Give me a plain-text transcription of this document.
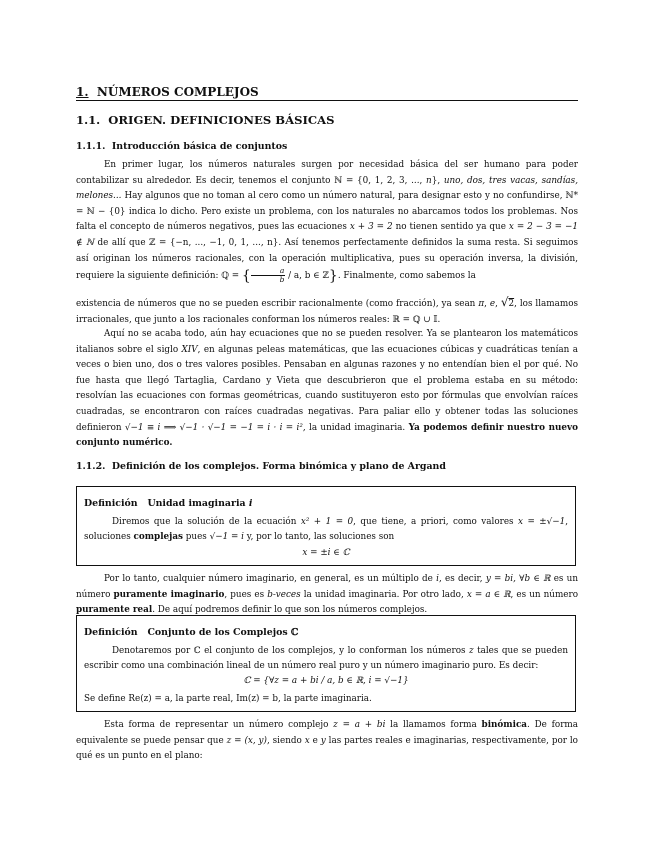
1. NÚMEROS COMPLEJOS
1.1. ORIGEN. DEFINICIONES BÁSICAS
1.1.1. Introducción básica de conjuntos

En primer lugar, los números naturales surgen por necesidad básica del ser humano para poder contabilizar su alrededor. Es decir, tenemos el conjunto ℕ = {0, 1, 2, 3, ..., n}, uno, dos, tres vacas, sandías, melones... Hay algunos que no toman al cero como un número natural, para designar esto y no confundirse, ℕ* = ℕ − {0} indica lo dicho. Pero existe un problema, con los naturales no abarcamos todos los problemas. Nos falta el concepto de números negativos, pues las ecuaciones x + 3 = 2 no tienen sentido ya que x = 2 − 3 = −1 ∉ ℕ de allí que ℤ = {−n, ..., −1, 0, 1, ..., n}. Así tenemos perfectamente definidos la suma resta. Si seguimos así originan los números racionales, con la operación multiplicativa, pues su operación inversa, la división, requiere la siguiente definición: ℚ = { $\frac{a}{b}$ / a, b ∈ ℤ}. Finalmente, como sabemos la

existencia de números que no se pueden escribir racionalmente (como fracción), ya sean π, e, √2, los llamamos irracionales, que junto a los racionales conforman los números reales: ℝ = ℚ ∪ 𝕀.

Aquí no se acaba todo, aún hay ecuaciones que no se pueden resolver. Ya se plantearon los matemáticos italianos sobre el siglo XIV, en algunas peleas matemáticas, que las ecuaciones cúbicas y cuadráticas tenían a veces o bien uno, dos o tres valores posibles. Pensaban en algunas razones y no entendían bien el por qué. No fue hasta que llegó Tartaglia, Cardano y Vieta que descubrieron que el problema estaba en su método: resolvían las ecuaciones con formas geométricas, cuando sustituyeron esto por fórmulas que envolvían raíces cuadradas, se encontraron con raíces cuadradas negativas. Para paliar ello y obtener todas las soluciones definieron √−1 ≡ i ⟹ √−1 · √−1 = −1 = i · i = i², la unidad imaginaria. Ya podemos definir nuestro nuevo conjunto numérico.

1.1.2. Definición de los complejos. Forma binómica y plano de Argand
Definición Unidad imaginaria i

Diremos que la solución de la ecuación x² + 1 = 0, que tiene, a priori, como valores x = ±√−1, soluciones complejas pues √−1 = i y, por lo tanto, las soluciones son

x = ±i ∈ ℂ

Por lo tanto, cualquier número imaginario, en general, es un múltiplo de i, es decir, y = bi, ∀b ∈ ℝ es un número puramente imaginario, pues es b-veces la unidad imaginaria. Por otro lado, x = a ∈ ℝ, es un número puramente real. De aquí podremos definir lo que son los números complejos.

Definición Conjunto de los Complejos ℂ

Denotaremos por ℂ el conjunto de los complejos, y lo conforman los números z tales que se pueden escribir como una combinación lineal de un número real puro y un número imaginario puro. Es decir:

ℂ = {∀z = a + bi / a, b ∈ ℝ, i = √−1}

Se define Re(z) = a, la parte real, Im(z) = b, la parte imaginaria.

Esta forma de representar un número complejo z = a + bi la llamamos forma binómica. De forma equivalente se puede pensar que z = (x, y), siendo x e y las partes reales e imaginarias, respectivamente, por lo qué es un punto en el plano:
